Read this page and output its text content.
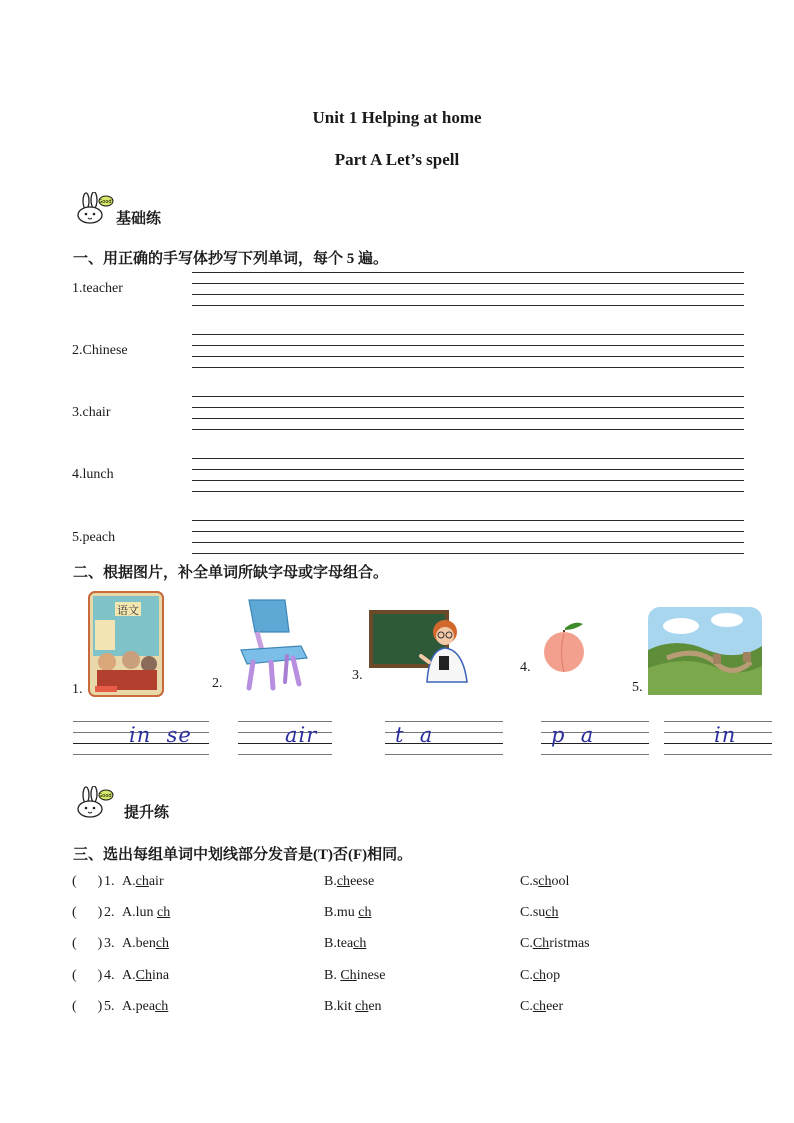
Unit 1 Helping at home
Part A Let’s spell
Good!
基础练
一、用正确的手写体抄写下列单词，每个 5 遍。
1.teacher
2.Chinese
3.chair
4.lunch
5.peach
二、根据图片，补全单词所缺字母或字母组合。
1.
语文
2.
3.
4.
5.
in  se	air	t  a	p  a	in
Good!
提升练
三、选出每组单词中划线部分发音是(T)否(F)相同。
(      ) 1. A.chair	B.cheese	C.school
(      ) 2. A.lun ch	B.mu ch	C.such
(      ) 3. A.bench	B.teach	C.Christmas
(      ) 4. A.China	B. Chinese	C.chop
(      ) 5. A.peach	B.kit chen	C.cheer
